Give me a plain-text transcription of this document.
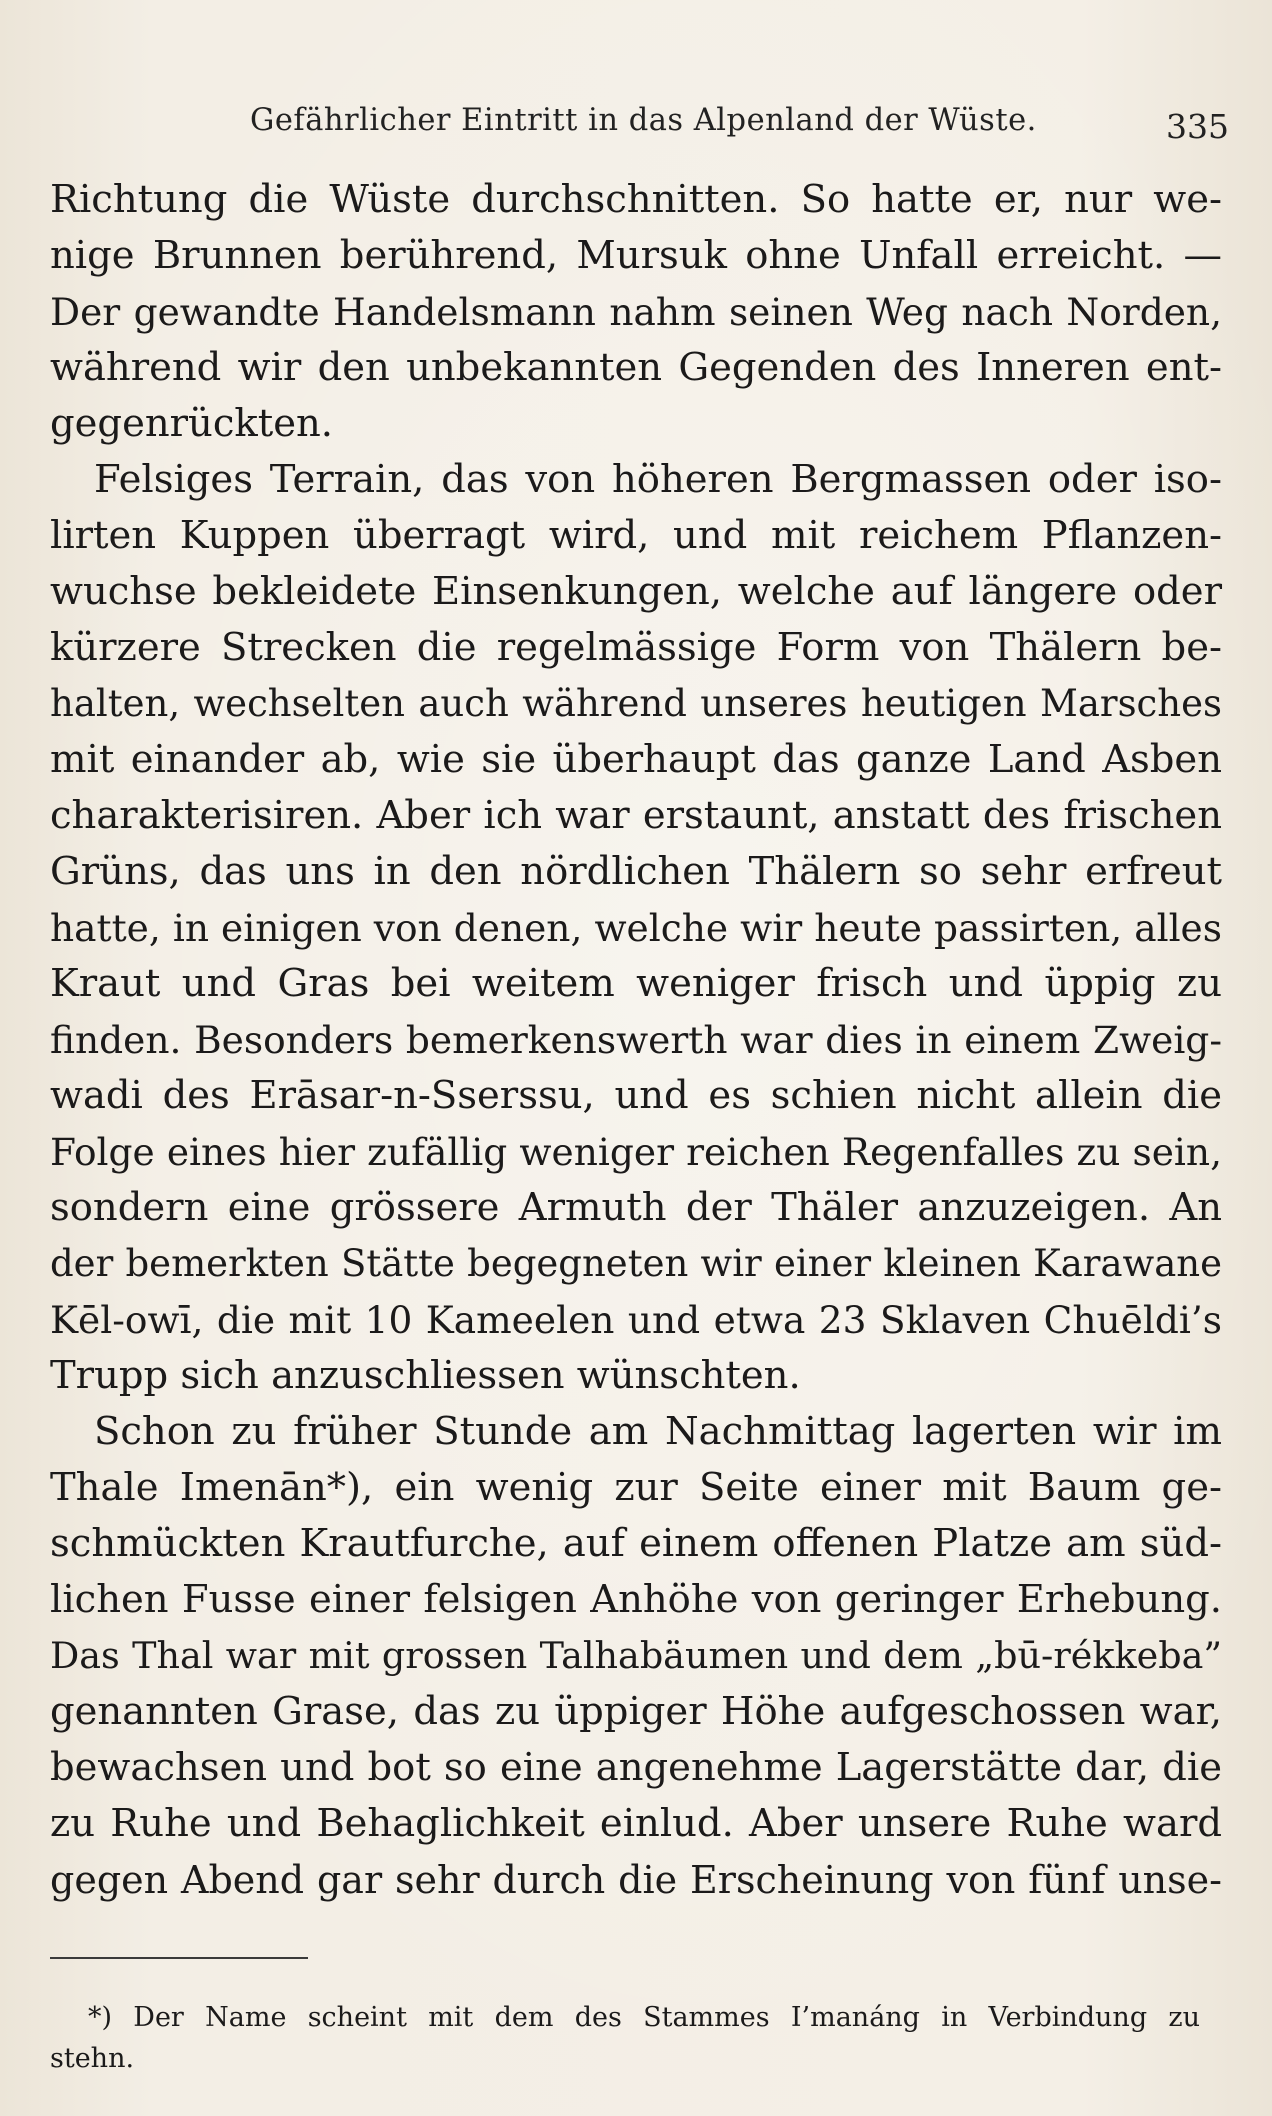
Gefährlicher Eintritt in das Alpenland der Wüste.	335
Richtung die Wüste durchschnitten. So hatte er, nur we-
nige Brunnen berührend, Mursuk ohne Unfall erreicht. —
Der gewandte Handelsmann nahm seinen Weg nach Norden,
während wir den unbekannten Gegenden des Inneren ent-
gegenrückten.
Felsiges Terrain, das von höheren Bergmassen oder iso-
lirten Kuppen überragt wird, und mit reichem Pflanzen-
wuchse bekleidete Einsenkungen, welche auf längere oder
kürzere Strecken die regelmässige Form von Thälern be-
halten, wechselten auch während unseres heutigen Marsches
mit einander ab, wie sie überhaupt das ganze Land Asben
charakterisiren. Aber ich war erstaunt, anstatt des frischen
Grüns, das uns in den nördlichen Thälern so sehr erfreut
hatte, in einigen von denen, welche wir heute passirten, alles
Kraut und Gras bei weitem weniger frisch und üppig zu
finden. Besonders bemerkenswerth war dies in einem Zweig-
wadi des Erāsar-n-Sserssu, und es schien nicht allein die
Folge eines hier zufällig weniger reichen Regenfalles zu sein,
sondern eine grössere Armuth der Thäler anzuzeigen. An
der bemerkten Stätte begegneten wir einer kleinen Karawane
Kēl-owī, die mit 10 Kameelen und etwa 23 Sklaven Chuēldi’s
Trupp sich anzuschliessen wünschten.
Schon zu früher Stunde am Nachmittag lagerten wir im
Thale Imenān*), ein wenig zur Seite einer mit Baum ge-
schmückten Krautfurche, auf einem offenen Platze am süd-
lichen Fusse einer felsigen Anhöhe von geringer Erhebung.
Das Thal war mit grossen Talhabäumen und dem „bū-rékkeba”
genannten Grase, das zu üppiger Höhe aufgeschossen war,
bewachsen und bot so eine angenehme Lagerstätte dar, die
zu Ruhe und Behaglichkeit einlud. Aber unsere Ruhe ward
gegen Abend gar sehr durch die Erscheinung von fünf unse-
*) Der Name scheint mit dem des Stammes I’manáng in Verbindung zu
stehn.
